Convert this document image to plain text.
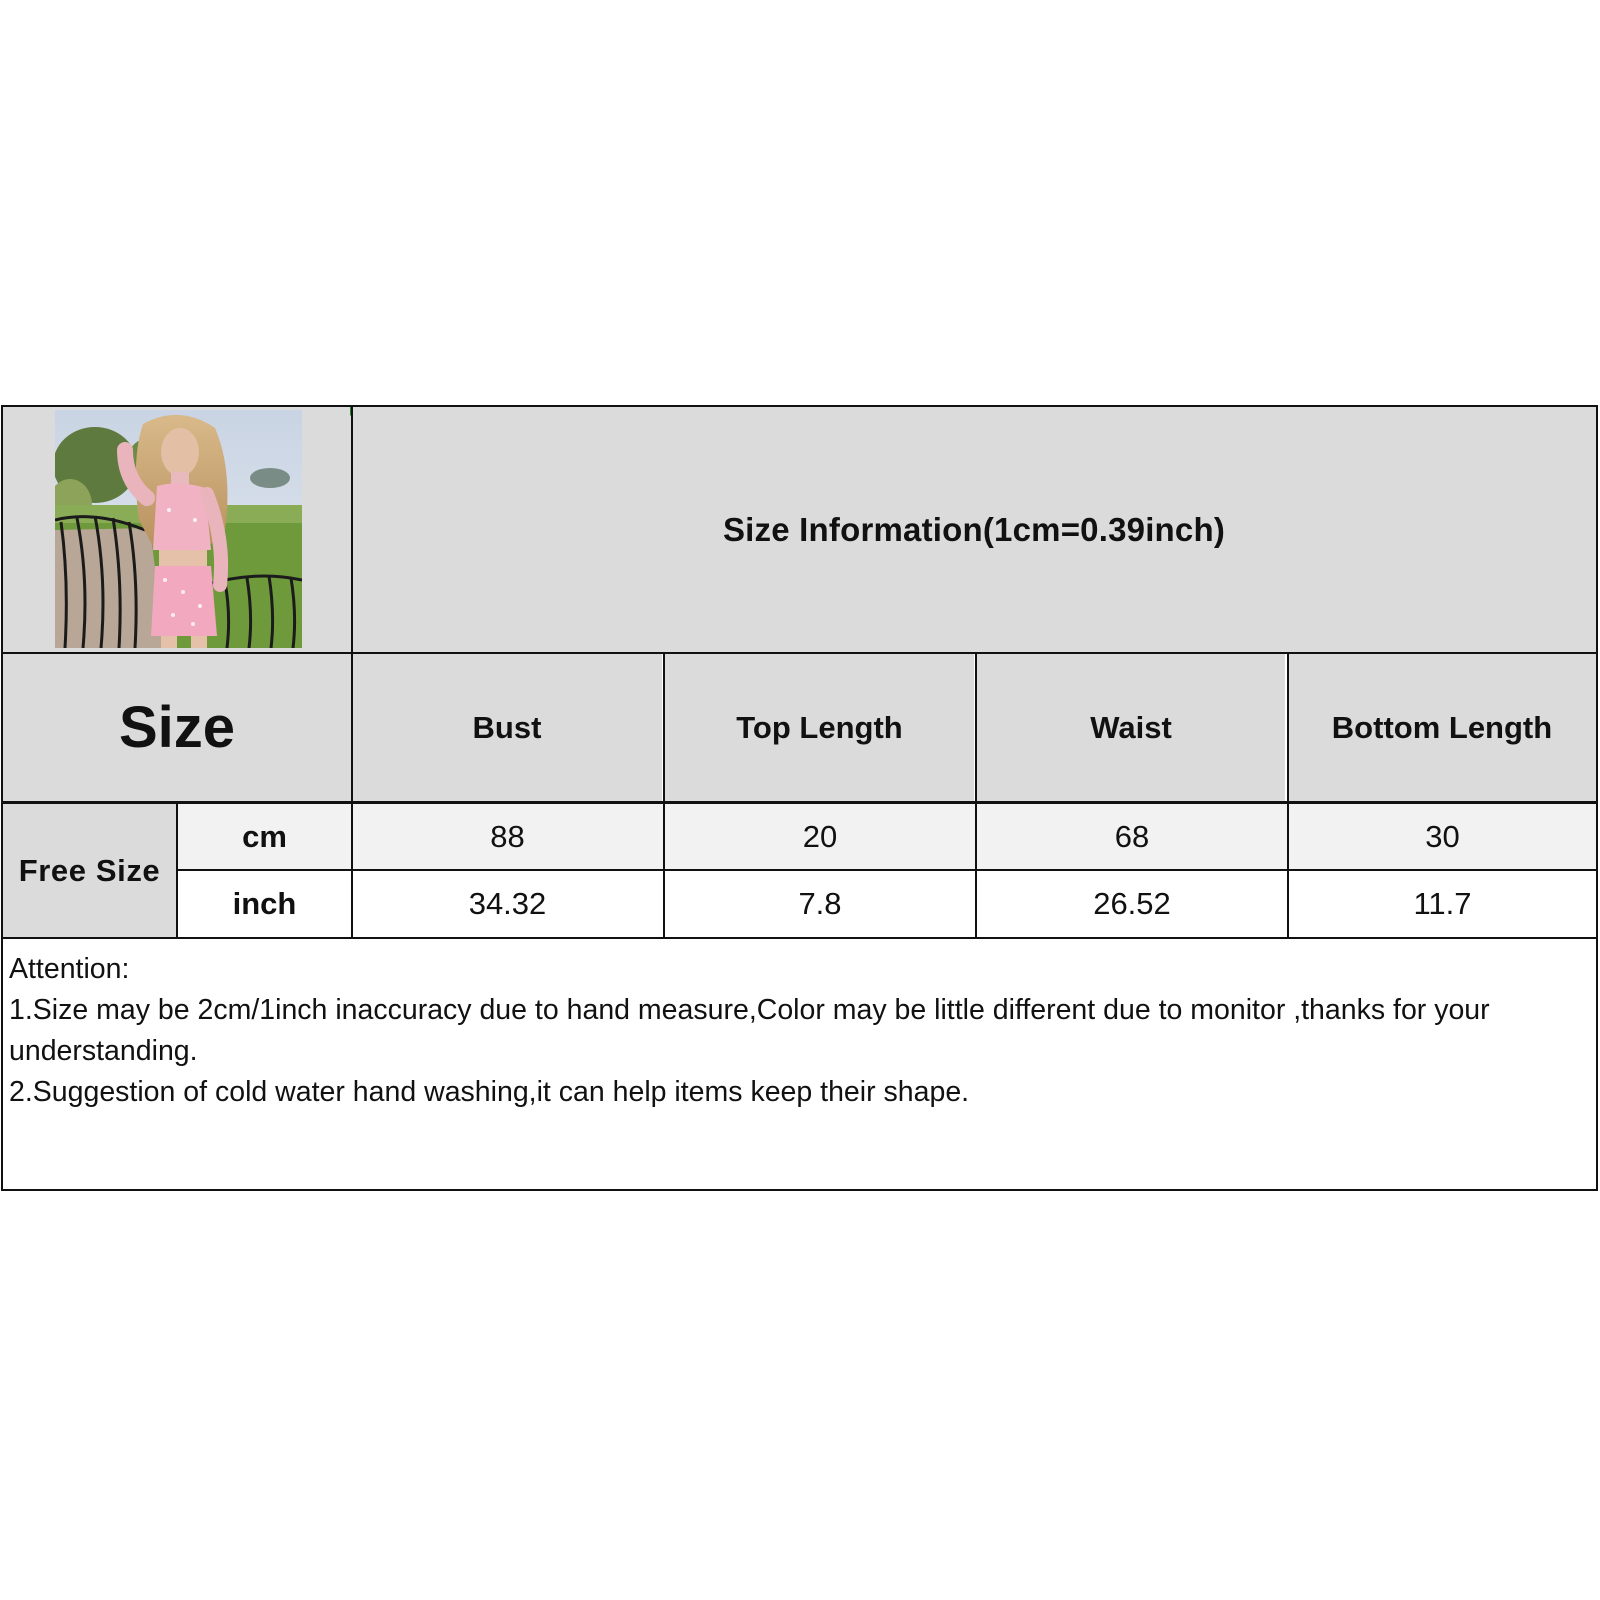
Size Information(1cm=0.39inch)
Size	Bust	Top Length	Waist	Bottom Length
Free Size
cm	88	20	68	30
inch	34.32	7.8	26.52	11.7
Attention:
1.Size may be 2cm/1inch inaccuracy due to hand measure,Color may be little different due to monitor ,thanks for your understanding.
2.Suggestion of cold water hand washing,it can help items keep their shape.
